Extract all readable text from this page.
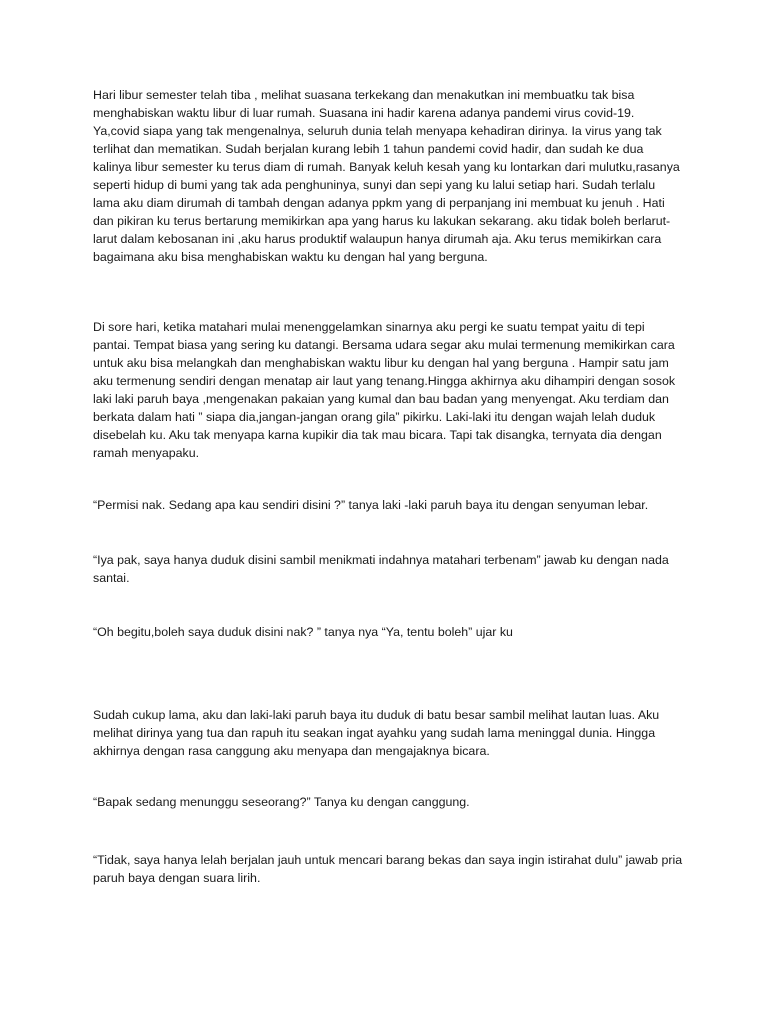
Hari libur semester telah tiba , melihat suasana terkekang dan menakutkan ini membuatku tak bisa menghabiskan waktu libur di luar rumah. Suasana ini hadir karena adanya pandemi virus covid-19. Ya,covid siapa yang tak mengenalnya, seluruh dunia telah menyapa kehadiran dirinya. Ia virus yang tak terlihat dan mematikan. Sudah berjalan kurang lebih 1 tahun pandemi covid hadir, dan sudah ke dua kalinya libur semester ku terus diam di rumah. Banyak keluh kesah yang ku lontarkan dari mulutku,rasanya seperti hidup di bumi yang tak ada penghuninya, sunyi dan sepi yang ku lalui setiap hari. Sudah terlalu lama aku diam dirumah di tambah dengan adanya ppkm yang di perpanjang ini membuat ku jenuh . Hati dan pikiran ku terus bertarung memikirkan apa yang harus ku lakukan sekarang. aku tidak boleh berlarut-larut dalam kebosanan ini ,aku harus produktif walaupun hanya dirumah aja. Aku terus memikirkan cara bagaimana aku bisa menghabiskan waktu ku dengan hal yang berguna.

Di sore hari, ketika matahari mulai menenggelamkan sinarnya aku pergi ke suatu tempat yaitu di tepi pantai. Tempat biasa yang sering ku datangi. Bersama udara segar aku mulai termenung memikirkan cara untuk aku bisa melangkah dan menghabiskan waktu libur ku dengan hal yang berguna . Hampir satu jam aku termenung sendiri dengan menatap air laut yang tenang.Hingga akhirnya aku dihampiri dengan sosok laki laki paruh baya ,mengenakan pakaian yang kumal dan bau badan yang menyengat. Aku terdiam dan berkata dalam hati ” siapa dia,jangan-jangan orang gila” pikirku. Laki-laki itu dengan wajah lelah duduk disebelah ku. Aku tak menyapa karna kupikir dia tak mau bicara. Tapi tak disangka, ternyata dia dengan ramah menyapaku.

“Permisi nak. Sedang apa kau sendiri disini ?” tanya laki -laki paruh baya itu dengan senyuman lebar.

“Iya pak, saya hanya duduk disini sambil menikmati indahnya matahari terbenam” jawab ku dengan nada santai.

“Oh begitu,boleh saya duduk disini nak? ” tanya nya “Ya, tentu boleh” ujar ku

Sudah cukup lama, aku dan laki-laki paruh baya itu duduk di batu besar sambil melihat lautan luas. Aku melihat dirinya yang tua dan rapuh itu seakan ingat ayahku yang sudah lama meninggal dunia. Hingga akhirnya dengan rasa canggung aku menyapa dan mengajaknya bicara.

“Bapak sedang menunggu seseorang?” Tanya ku dengan canggung.

“Tidak, saya hanya lelah berjalan jauh untuk mencari barang bekas dan saya ingin istirahat dulu” jawab pria paruh baya dengan suara lirih.
